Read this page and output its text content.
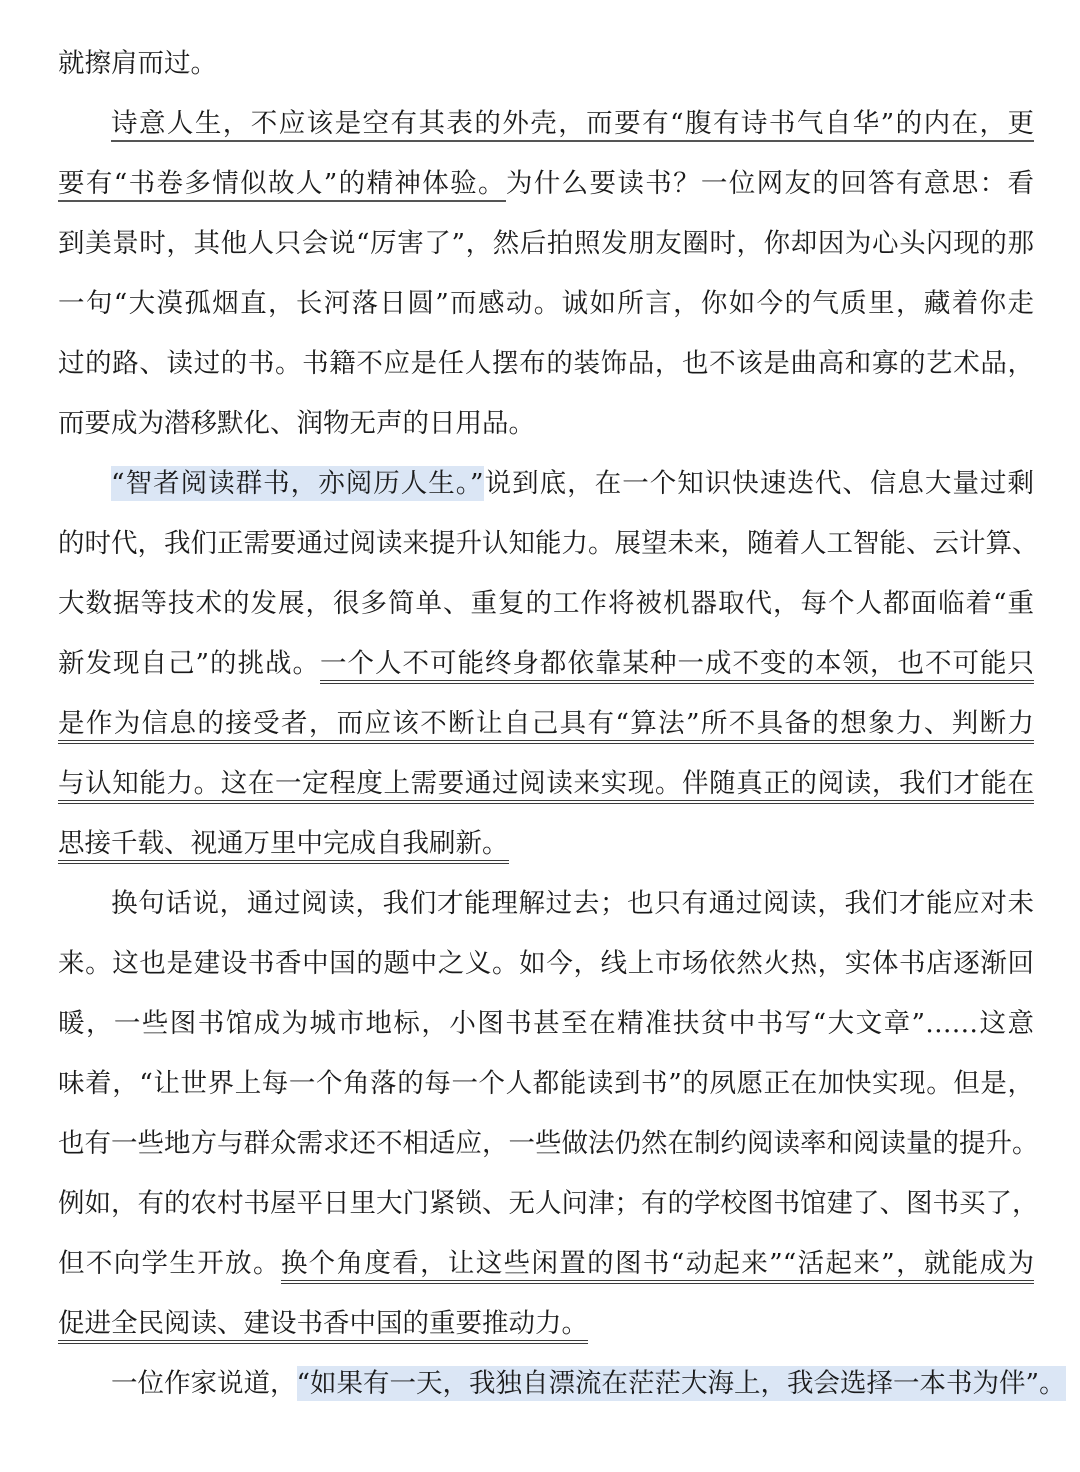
就擦肩而过。
诗意人生，不应该是空有其表的外壳，而要有“腹有诗书气自华”的内在，更
要有“书卷多情似故人”的精神体验。为什么要读书？一位网友的回答有意思：看
到美景时，其他人只会说“厉害了”，然后拍照发朋友圈时，你却因为心头闪现的那
一句“大漠孤烟直，长河落日圆”而感动。诚如所言，你如今的气质里，藏着你走
过的路、读过的书。书籍不应是任人摆布的装饰品，也不该是曲高和寡的艺术品，
而要成为潜移默化、润物无声的日用品。
“智者阅读群书，亦阅历人生。”说到底，在一个知识快速迭代、信息大量过剩
的时代，我们正需要通过阅读来提升认知能力。展望未来，随着人工智能、云计算、
大数据等技术的发展，很多简单、重复的工作将被机器取代，每个人都面临着“重
新发现自己”的挑战。一个人不可能终身都依靠某种一成不变的本领，也不可能只
是作为信息的接受者，而应该不断让自己具有“算法”所不具备的想象力、判断力
与认知能力。这在一定程度上需要通过阅读来实现。伴随真正的阅读，我们才能在
思接千载、视通万里中完成自我刷新。
换句话说，通过阅读，我们才能理解过去；也只有通过阅读，我们才能应对未
来。这也是建设书香中国的题中之义。如今，线上市场依然火热，实体书店逐渐回
暖，一些图书馆成为城市地标，小图书甚至在精准扶贫中书写“大文章”……这意
味着，“让世界上每一个角落的每一个人都能读到书”的夙愿正在加快实现。但是，
也有一些地方与群众需求还不相适应，一些做法仍然在制约阅读率和阅读量的提升。
例如，有的农村书屋平日里大门紧锁、无人问津；有的学校图书馆建了、图书买了，
但不向学生开放。换个角度看，让这些闲置的图书“动起来”“活起来”，就能成为
促进全民阅读、建设书香中国的重要推动力。
一位作家说道，“如果有一天，我独自漂流在茫茫大海上，我会选择一本书为伴”。
